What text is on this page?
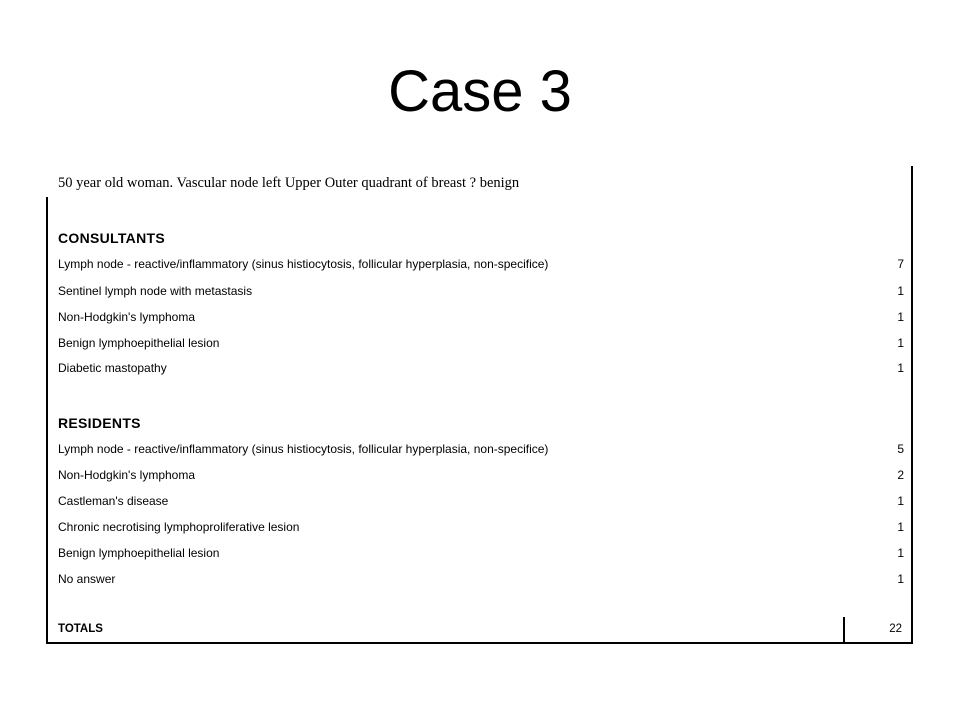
Case 3
50 year old woman. Vascular node left Upper Outer quadrant of breast ? benign
CONSULTANTS
Lymph node - reactive/inflammatory (sinus histiocytosis, follicular hyperplasia, non-specifice)	7
Sentinel lymph node with metastasis	1
Non-Hodgkin's lymphoma	1
Benign lymphoepithelial lesion	1
Diabetic mastopathy	1
RESIDENTS
Lymph node - reactive/inflammatory (sinus histiocytosis, follicular hyperplasia, non-specifice)	5
Non-Hodgkin's lymphoma	2
Castleman's disease	1
Chronic necrotising lymphoproliferative lesion	1
Benign lymphoepithelial lesion	1
No answer	1
TOTALS	22
